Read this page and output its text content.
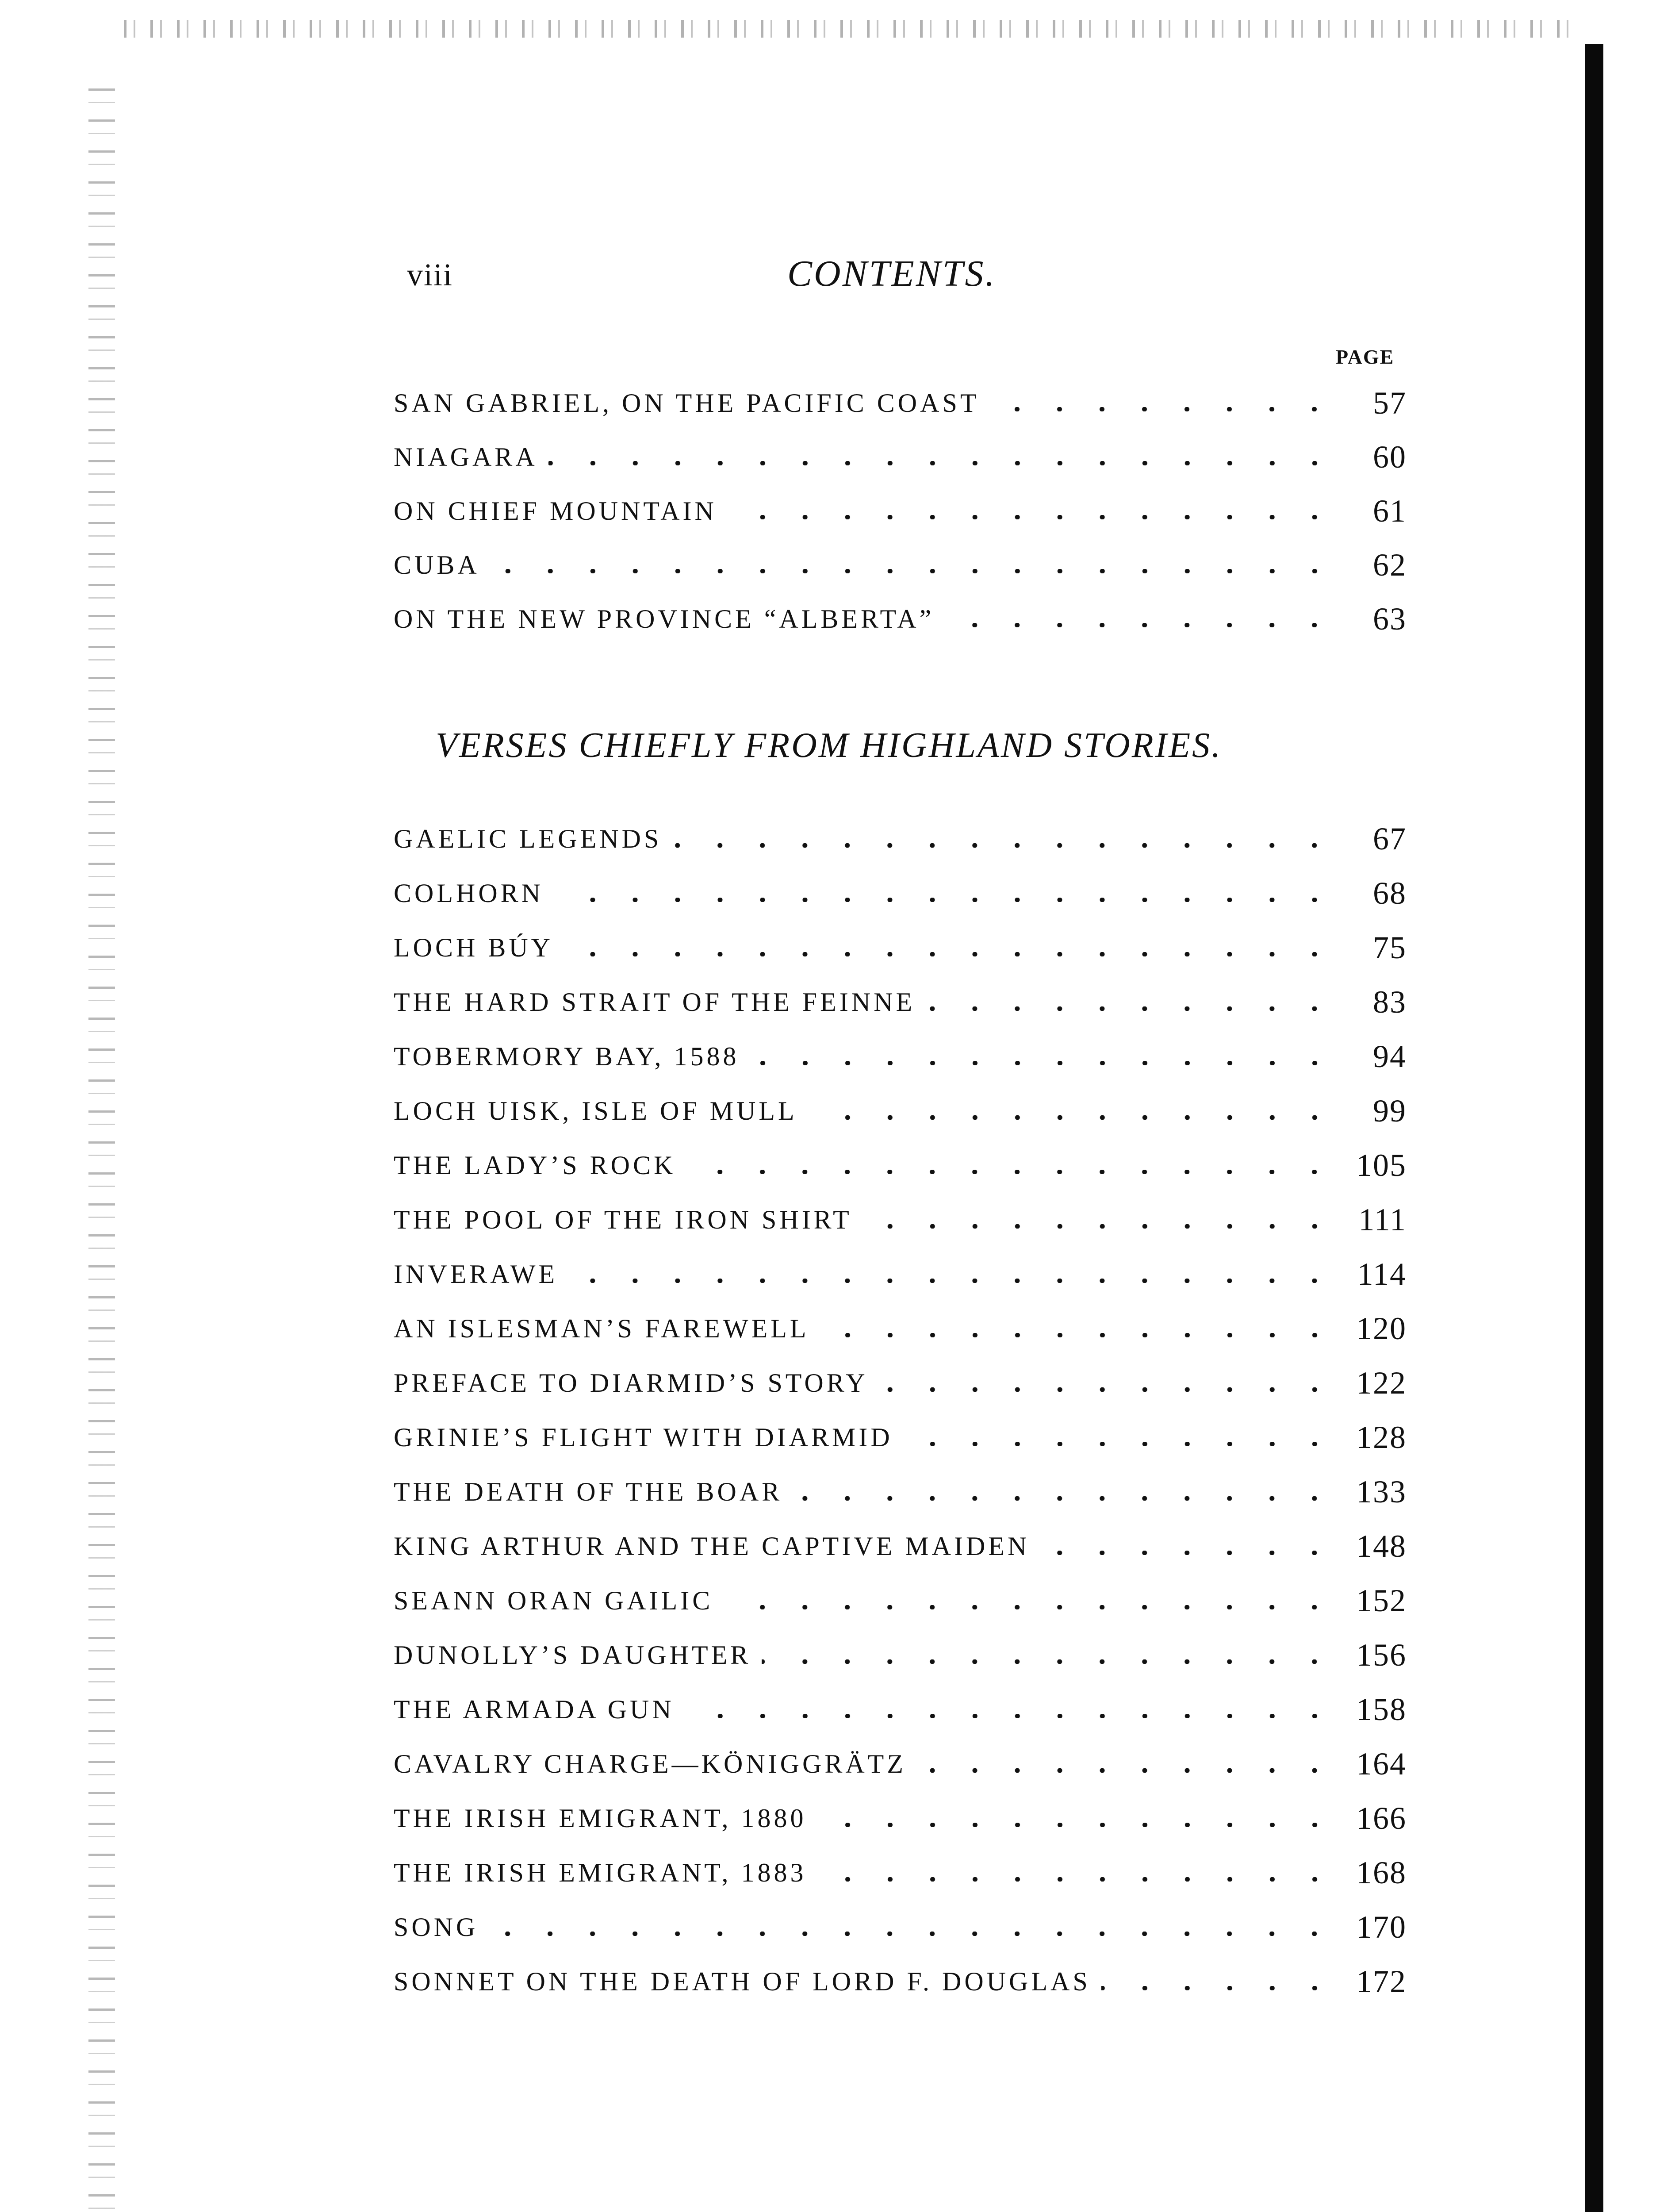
viii	CONTENTS.
PAGE
SAN GABRIEL, ON THE PACIFIC COAST	57
NIAGARA	60
ON CHIEF MOUNTAIN	61
CUBA	62
ON THE NEW PROVINCE “ALBERTA”	63
VERSES CHIEFLY FROM HIGHLAND STORIES.
GAELIC LEGENDS	67
COLHORN	68
LOCH BÚY	75
THE HARD STRAIT OF THE FEINNE	83
TOBERMORY BAY, 1588	94
LOCH UISK, ISLE OF MULL	99
THE LADY’S ROCK	105
THE POOL OF THE IRON SHIRT	111
INVERAWE	114
AN ISLESMAN’S FAREWELL	120
PREFACE TO DIARMID’S STORY	122
GRINIE’S FLIGHT WITH DIARMID	128
THE DEATH OF THE BOAR	133
KING ARTHUR AND THE CAPTIVE MAIDEN	148
SEANN ORAN GAILIC	152
DUNOLLY’S DAUGHTER	156
THE ARMADA GUN	158
CAVALRY CHARGE—KÖNIGGRÄTZ	164
THE IRISH EMIGRANT, 1880	166
THE IRISH EMIGRANT, 1883	168
SONG	170
SONNET ON THE DEATH OF LORD F. DOUGLAS	172
